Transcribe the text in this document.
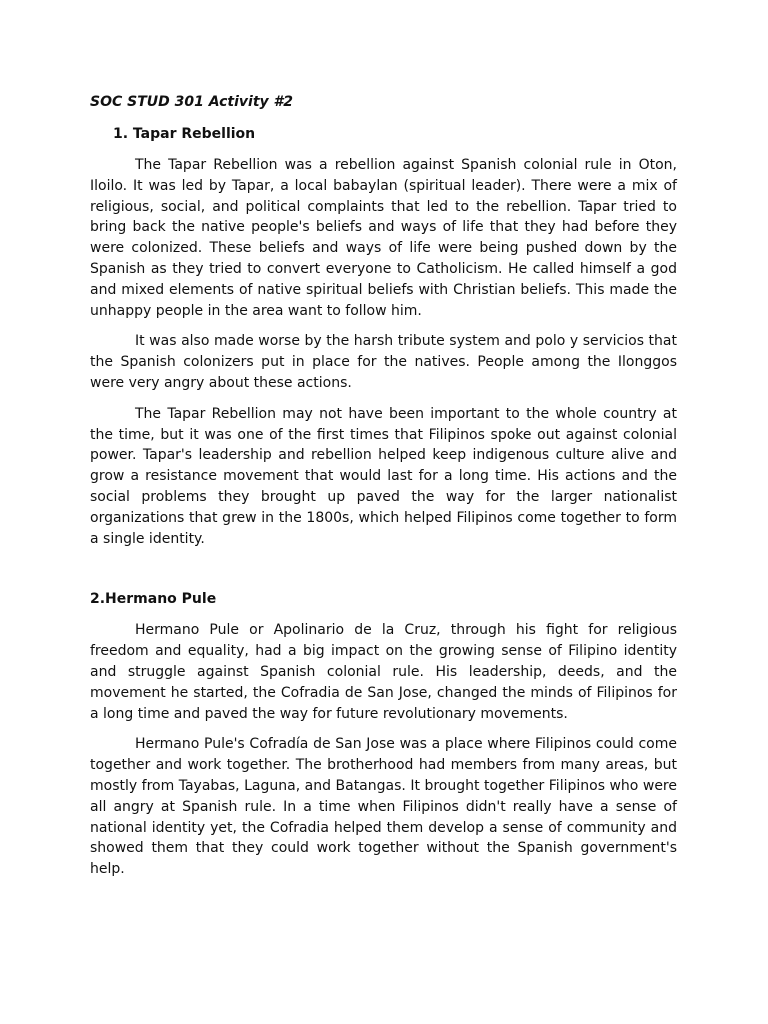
SOC STUD 301 Activity #2
1. Tapar Rebellion

The Tapar Rebellion was a rebellion against Spanish colonial rule in Oton, Iloilo. It was led by Tapar, a local babaylan (spiritual leader). There were a mix of religious, social, and political complaints that led to the rebellion. Tapar tried to bring back the native people's beliefs and ways of life that they had before they were colonized. These beliefs and ways of life were being pushed down by the Spanish as they tried to convert everyone to Catholicism. He called himself a god and mixed elements of native spiritual beliefs with Christian beliefs. This made the unhappy people in the area want to follow him.

It was also made worse by the harsh tribute system and polo y servicios that the Spanish colonizers put in place for the natives. People among the Ilonggos were very angry about these actions.

The Tapar Rebellion may not have been important to the whole country at the time, but it was one of the first times that Filipinos spoke out against colonial power. Tapar's leadership and rebellion helped keep indigenous culture alive and grow a resistance movement that would last for a long time. His actions and the social problems they brought up paved the way for the larger nationalist organizations that grew in the 1800s, which helped Filipinos come together to form a single identity.

2.Hermano Pule

Hermano Pule or Apolinario de la Cruz, through his fight for religious freedom and equality, had a big impact on the growing sense of Filipino identity and struggle against Spanish colonial rule. His leadership, deeds, and the movement he started, the Cofradia de San Jose, changed the minds of Filipinos for a long time and paved the way for future revolutionary movements.

Hermano Pule's Cofradía de San Jose was a place where Filipinos could come together and work together. The brotherhood had members from many areas, but mostly from Tayabas, Laguna, and Batangas. It brought together Filipinos who were all angry at Spanish rule. In a time when Filipinos didn't really have a sense of national identity yet, the Cofradia helped them develop a sense of community and showed them that they could work together without the Spanish government's help.
